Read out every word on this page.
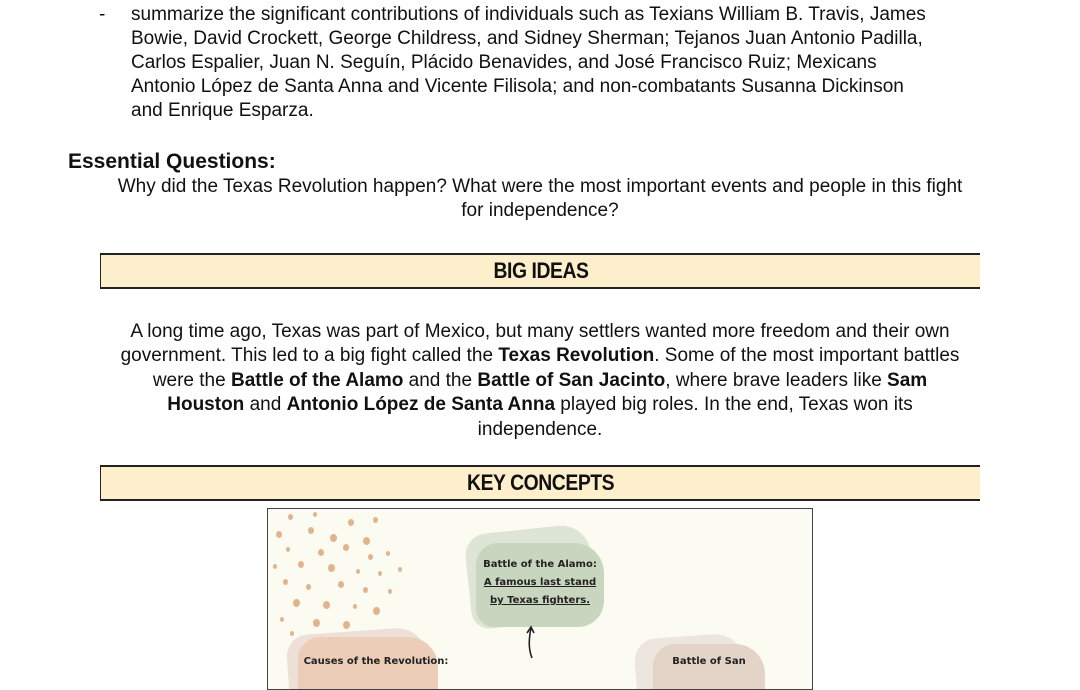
- summarize the significant contributions of individuals such as Texians William B. Travis, James
Bowie, David Crockett, George Childress, and Sidney Sherman; Tejanos Juan Antonio Padilla,
Carlos Espalier, Juan N. Seguín, Plácido Benavides, and José Francisco Ruiz; Mexicans
Antonio López de Santa Anna and Vicente Filisola; and non-combatants Susanna Dickinson
and Enrique Esparza.
Essential Questions:
Why did the Texas Revolution happen? What were the most important events and people in this fight
for independence?
BIG IDEAS
A long time ago, Texas was part of Mexico, but many settlers wanted more freedom and their own
government. This led to a big fight called the Texas Revolution. Some of the most important battles
were the Battle of the Alamo and the Battle of San Jacinto, where brave leaders like Sam
Houston and Antonio López de Santa Anna played big roles. In the end, Texas won its
independence.
KEY CONCEPTS
Battle of the Alamo:
A famous last stand
by Texas fighters.
Causes of the Revolution:	Battle of San
